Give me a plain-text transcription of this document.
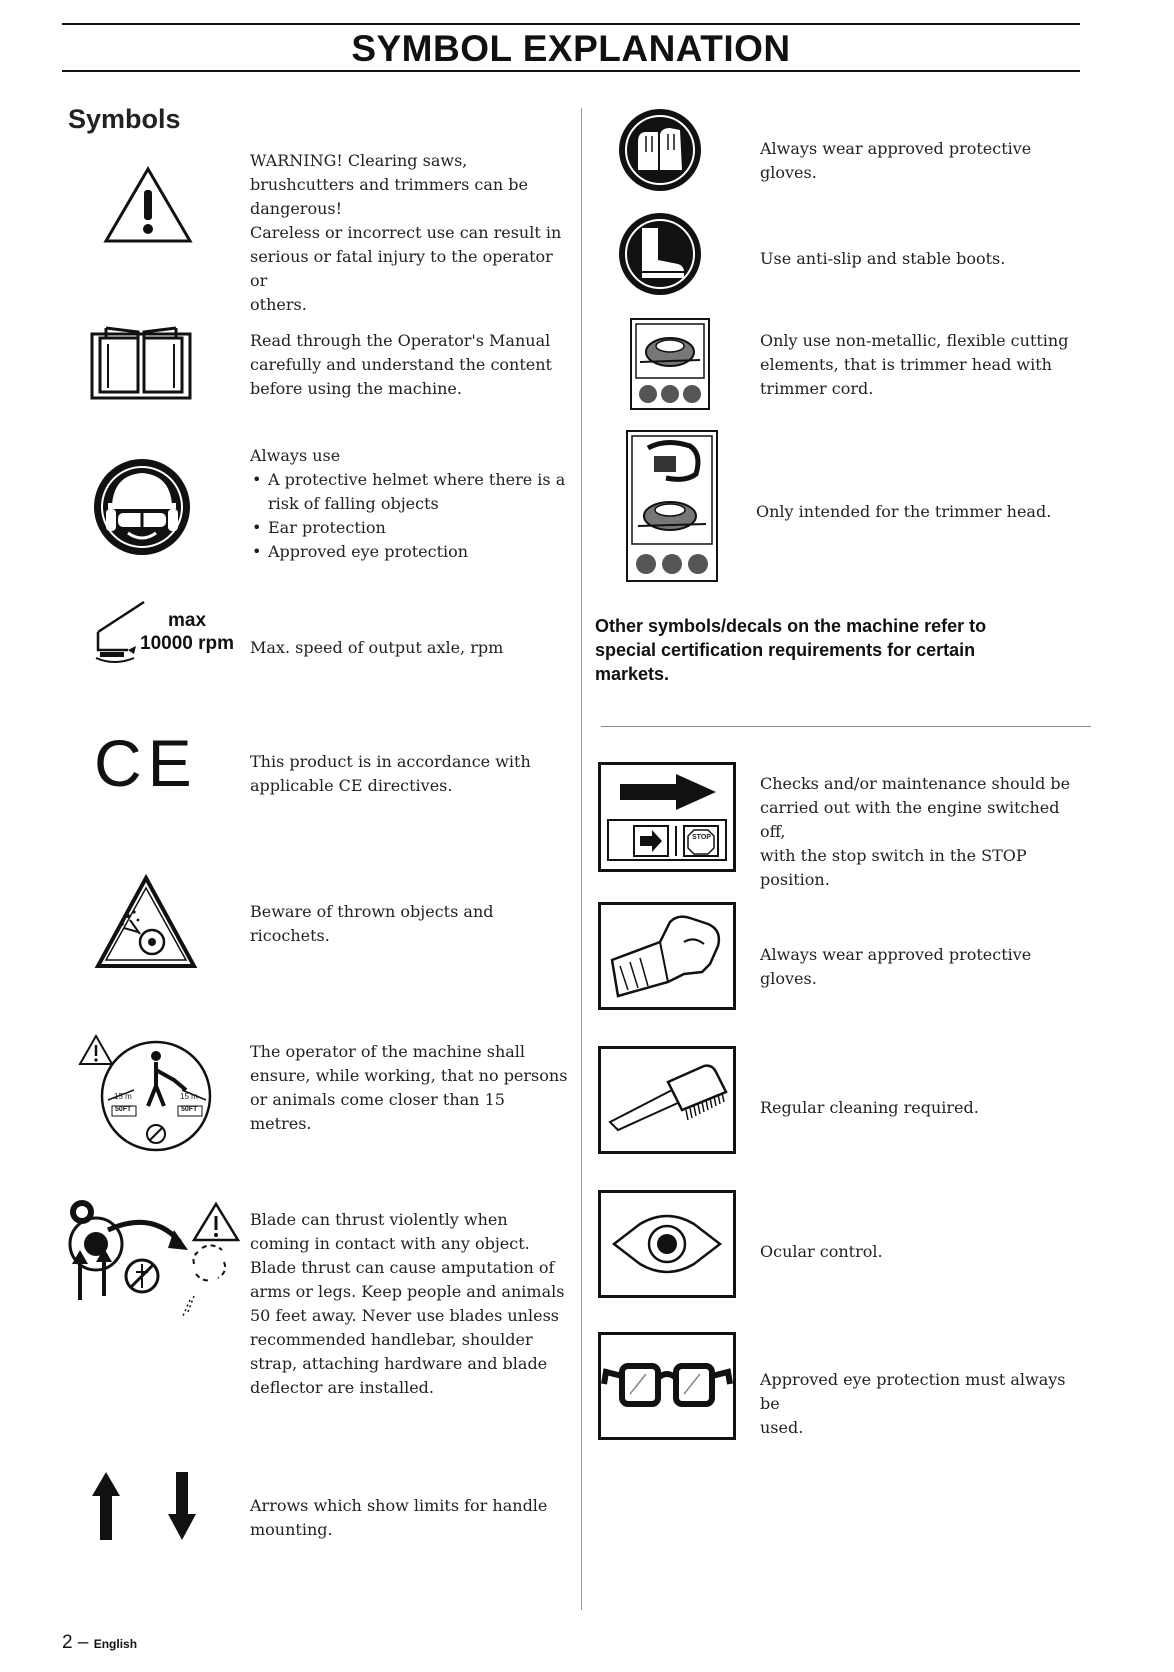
SYMBOL EXPLANATION
Symbols

WARNING! Clearing saws,

brushcutters and trimmers can be

dangerous!

Careless or incorrect use can result in

serious or fatal injury to the operator or

others.

Read through the Operator's Manual

carefully and understand the content

before using the machine.

Always use

• A protective helmet where there is a risk of falling objects
• Ear protection
• Approved eye protection
max
10000 rpm Max. speed of output axle, rpm

CE	This product is in accordance with

applicable CE directives.

Beware of thrown objects and

ricochets.

15 m
50FT
15 m
50FT

The operator of the machine shall

ensure, while working, that no persons

or animals come closer than 15 metres.

Blade can thrust violently when

coming in contact with any object.

Blade thrust can cause amputation of

arms or legs. Keep people and animals

50 feet away. Never use blades unless

recommended handlebar, shoulder

strap, attaching hardware and blade

deflector are installed.

Arrows which show limits for handle

mounting.

Always wear approved protective gloves.

Use anti-slip and stable boots.

Only use non-metallic, flexible cutting

elements, that is trimmer head with

trimmer cord.

Only intended for the trimmer head.

Other symbols/decals on the machine refer to
special certification requirements for certain
markets.
STOP

Checks and/or maintenance should be

carried out with the engine switched off,

with the stop switch in the STOP

position.

Always wear approved protective gloves.

Regular cleaning required.

Ocular control.

Approved eye protection must always be

used.

2 – English
